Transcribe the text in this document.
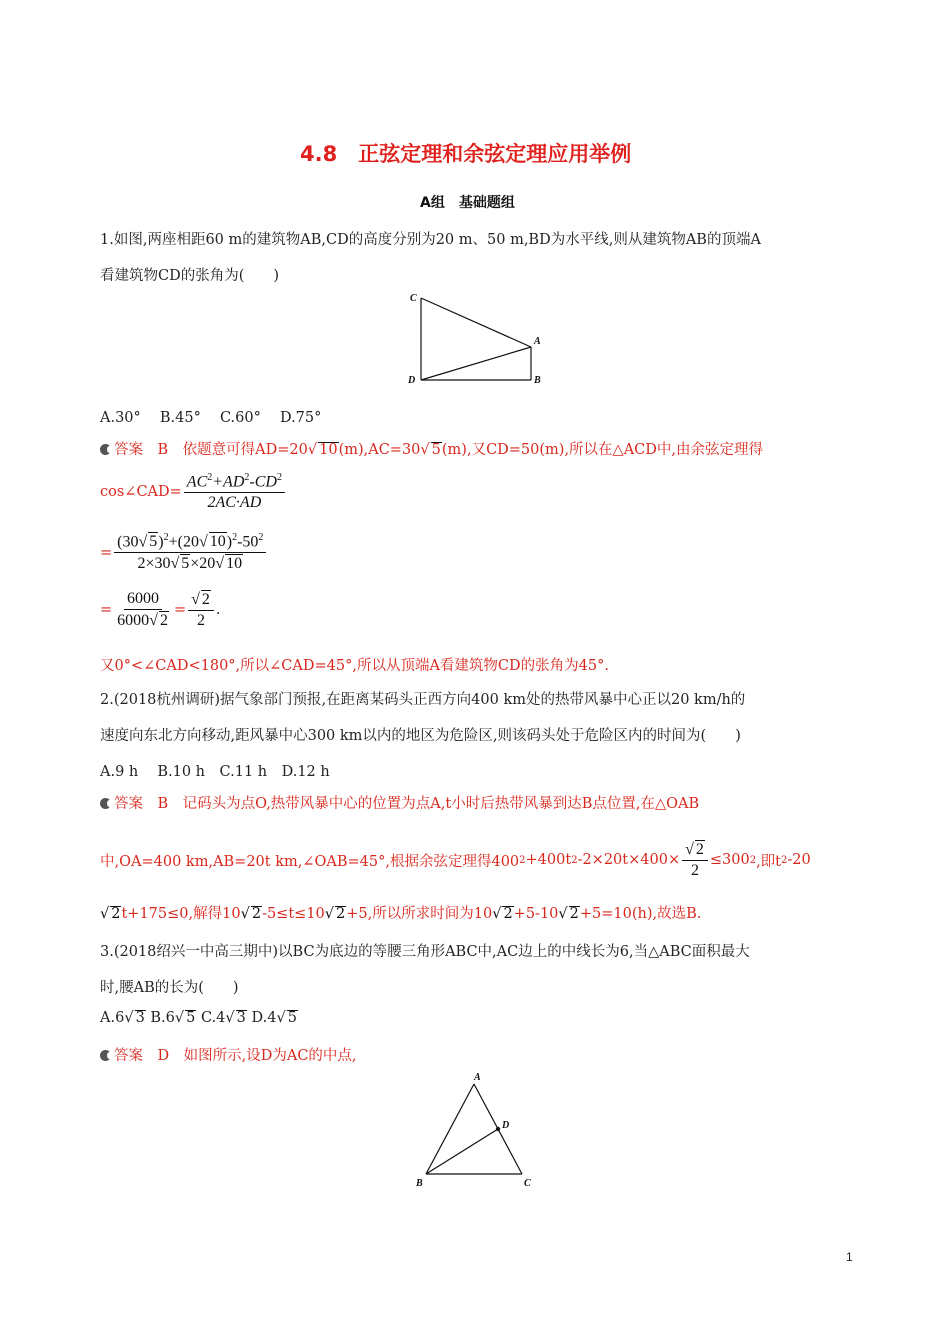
4.8　正弦定理和余弦定理应用举例
A组　基础题组
1.如图,两座相距60 m的建筑物AB,CD的高度分别为20 m、50 m,BD为水平线,则从建筑物AB的顶端A
看建筑物CD的张角为(　　)
C
A
D	B
A.30°　 B.45°　 C.60°　 D.75°
答案　B　依题意可得AD=20√ 10(m),AC=30√ 5(m),又CD=50(m),所以在△ACD中,由余弦定理得
cos∠CAD= $\frac{AC^2+AD^2-CD^2}{2AC\cdot AD}$
= $\frac{(30√ 5)^2+(20√ 10)^2-50^2}{2\times 30√ 5\times 20√ 10}$
= $\frac{6000}{6000√ 2} = \frac{√ 2}{2}$ .
又0°<∠CAD<180°,所以∠CAD=45°,所以从顶端A看建筑物CD的张角为45°.
2.(2018杭州调研)据气象部门预报,在距离某码头正西方向400 km处的热带风暴中心正以20 km/h的
速度向东北方向移动,距风暴中心300 km以内的地区为危险区,则该码头处于危险区内的时间为(　　)
A.9 h　 B.10 h　C.11 h　D.12 h
答案　B　记码头为点O,热带风暴中心的位置为点A,t小时后热带风暴到达B点位置,在△OAB
中,OA=400 km,AB=20t km,∠OAB=45°,根据余弦定理得400 2 +400t 2 $-2\times 20t\times 400\times \frac{√ 2}{2} \le 300$ 2 ,即t 2 -20
√ 2t+175≤0,解得10√ 2-5≤t≤10√ 2+5,所以所求时间为10√ 2+5-10√ 2+5=10(h),故选B.
3.(2018绍兴一中高三期中)以BC为底边的等腰三角形ABC中,AC边上的中线长为6,当△ABC面积最大
时,腰AB的长为(　　)
A.6√ 3 B.6√ 5 C.4√ 3 D.4√ 5
答案　D　如图所示,设D为AC的中点,
A
D
B	C
1
